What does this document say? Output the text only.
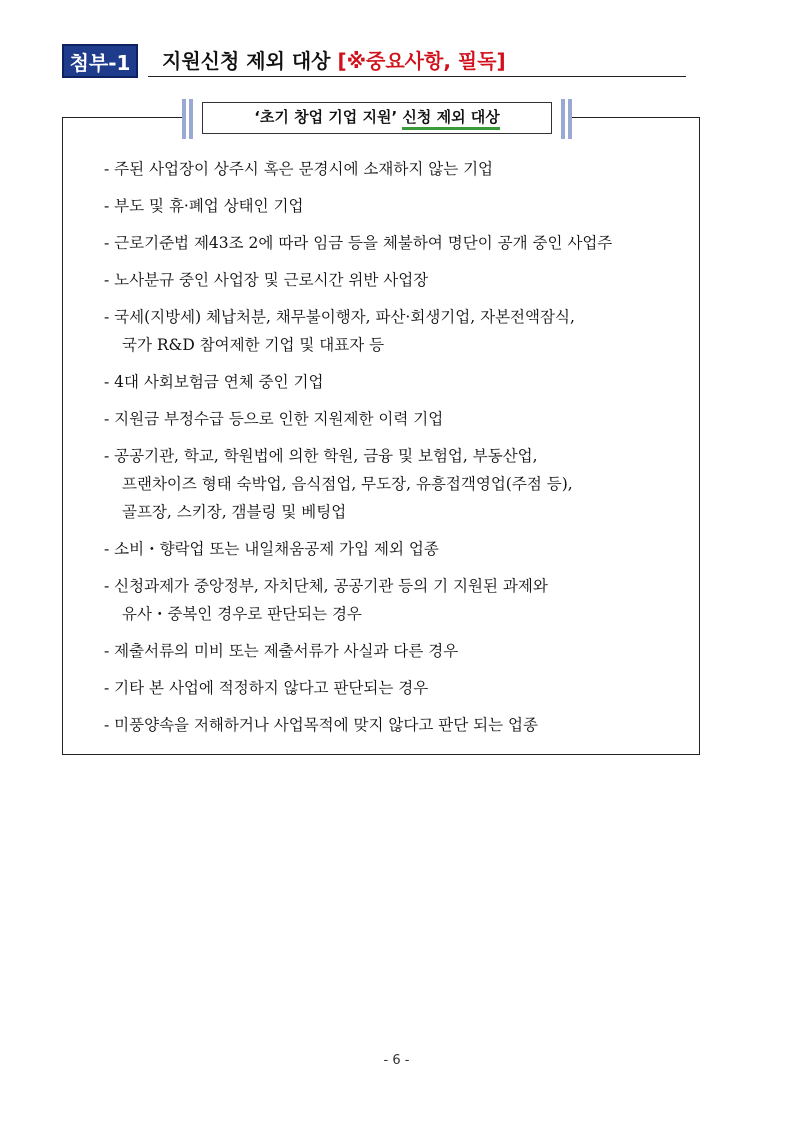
첨부-1	지원신청 제외 대상 [※중요사항, 필독]
‘초기 창업 기업 지원’ 신청 제외 대상
- 주된 사업장이 상주시 혹은 문경시에 소재하지 않는 기업
- 부도 및 휴·폐업 상태인 기업
- 근로기준법 제43조 2에 따라 임금 등을 체불하여 명단이 공개 중인 사업주
- 노사분규 중인 사업장 및 근로시간 위반 사업장
- 국세(지방세) 체납처분, 채무불이행자, 파산·회생기업, 자본전액잠식,
국가 R&D 참여제한 기업 및 대표자 등
- 4대 사회보험금 연체 중인 기업
- 지원금 부정수급 등으로 인한 지원제한 이력 기업
- 공공기관, 학교, 학원법에 의한 학원, 금융 및 보험업, 부동산업,
프랜차이즈 형태 숙박업, 음식점업, 무도장, 유흥접객영업(주점 등),
골프장, 스키장, 갬블링 및 베팅업
- 소비・향락업 또는 내일채움공제 가입 제외 업종
- 신청과제가 중앙정부, 자치단체, 공공기관 등의 기 지원된 과제와
유사・중복인 경우로 판단되는 경우
- 제출서류의 미비 또는 제출서류가 사실과 다른 경우
- 기타 본 사업에 적정하지 않다고 판단되는 경우
- 미풍양속을 저해하거나 사업목적에 맞지 않다고 판단 되는 업종
- 6 -
